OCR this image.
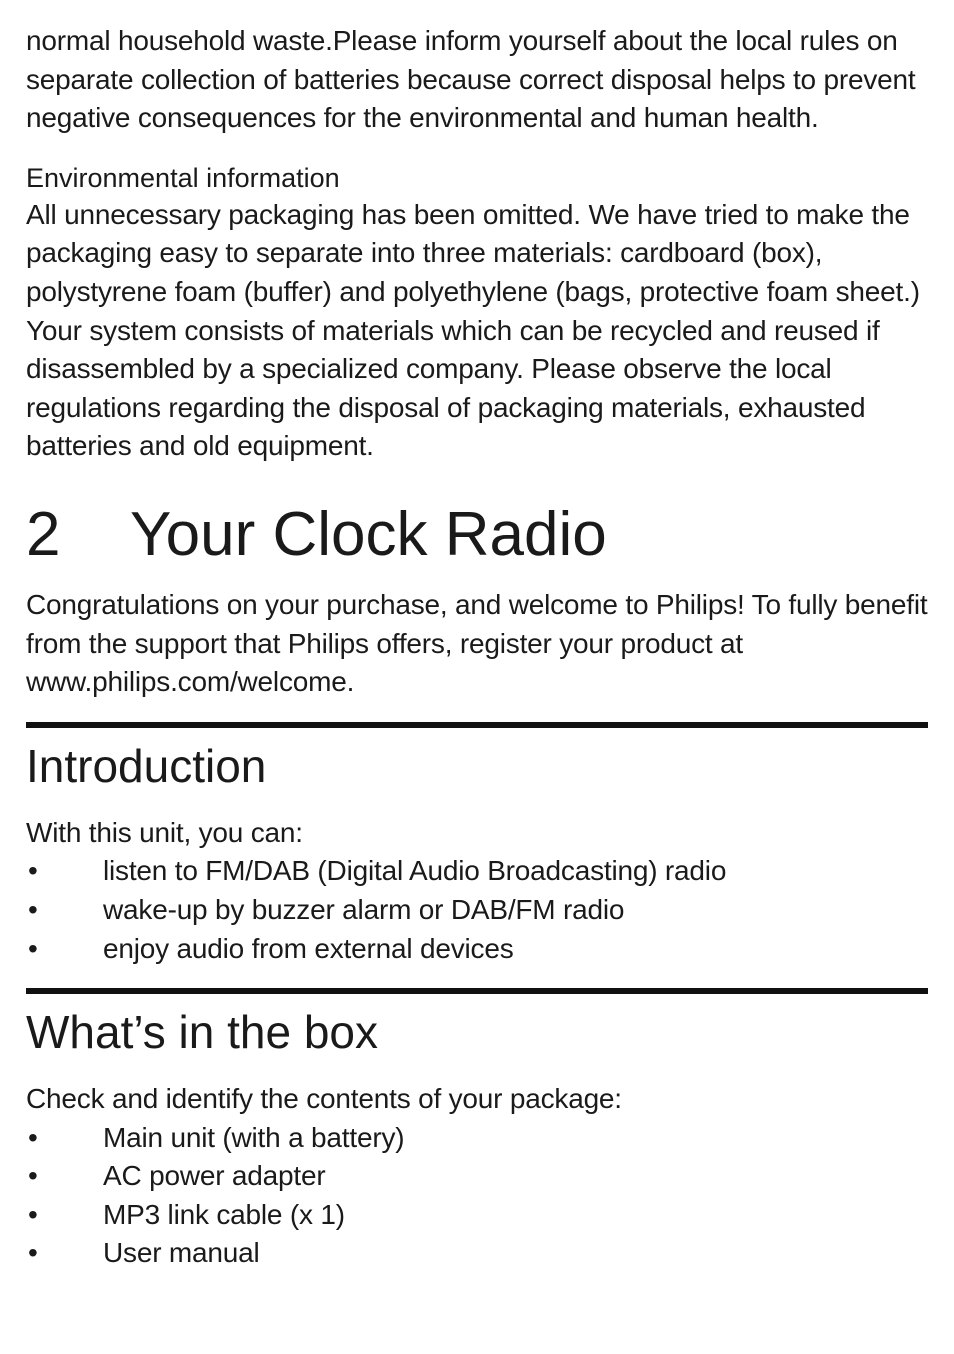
normal household waste.Please inform yourself about the local rules on separate collection of batteries because correct disposal helps to prevent negative consequences for the environmental and human health.

Environmental information

All unnecessary packaging has been omitted. We have tried to make the packaging easy to separate into three materials: cardboard (box), polystyrene foam (buffer) and polyethylene (bags, protective foam sheet.)

Your system consists of materials which can be recycled and reused if disassembled by a specialized company. Please observe the local regulations regarding the disposal of packaging materials, exhausted batteries and old equipment.

2	Your Clock Radio

Congratulations on your purchase, and welcome to Philips! To fully benefit from the support that Philips offers, register your product at www.philips.com/welcome.

Introduction

With this unit, you can:

•	listen to FM/DAB (Digital Audio Broadcasting) radio
•	wake-up by buzzer alarm or DAB/FM radio
•	enjoy audio from external devices
What’s in the box

Check and identify the contents of your package:

•	Main unit (with a battery)
•	AC power adapter
•	MP3 link cable (x 1)
•	User manual
